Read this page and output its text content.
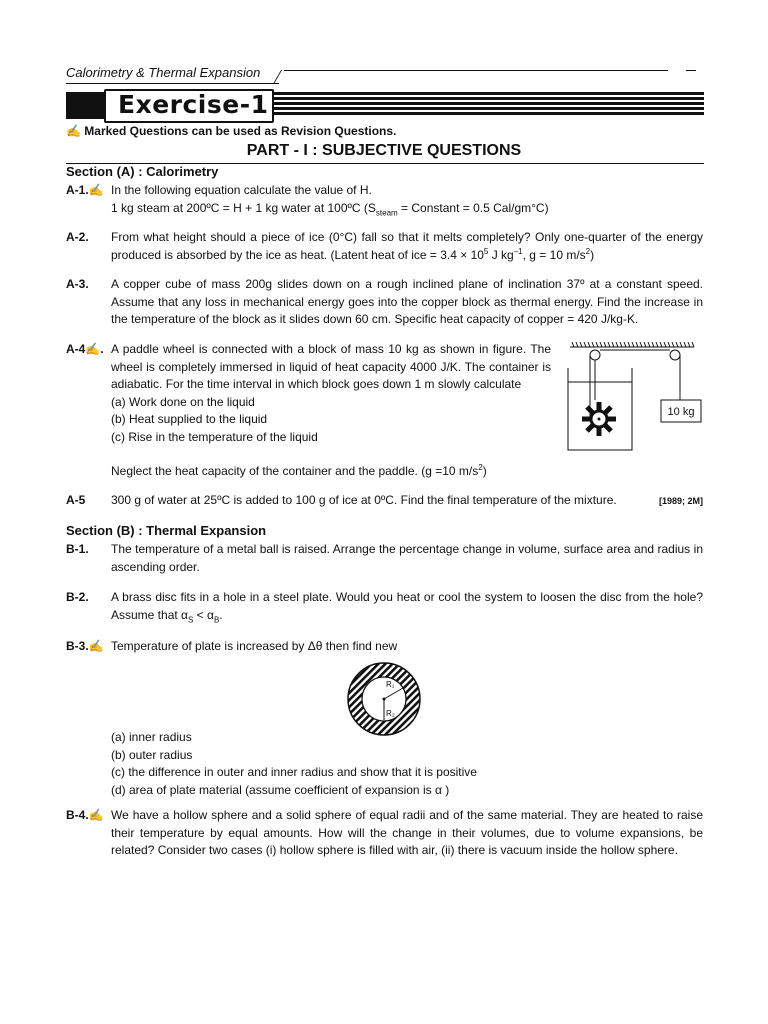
Calorimetry & Thermal Expansion
Exercise-1
✍ Marked Questions can be used as Revision Questions.
PART - I : SUBJECTIVE QUESTIONS
Section (A) : Calorimetry
A-1.✍ In the following equation calculate the value of H.

1 kg steam at 200ºC = H + 1 kg water at 100ºC ($S_{steam}$ = Constant = 0.5 Cal/gm°C)

A-2. From what height should a piece of ice (0°C) fall so that it melts completely? Only one-quarter of the energy produced is absorbed by the ice as heat. (Latent heat of ice = $3.4 \times 10^5$ J $kg^{-1}$, g = 10 $m/s^2$)
A-3. A copper cube of mass 200g slides down on a rough inclined plane of inclination 37º at a constant speed. Assume that any loss in mechanical energy goes into the copper block as thermal energy. Find the increase in the temperature of the block as it slides down 60 cm. Specific heat capacity of copper = 420 J/kg-K.
A-4✍. A paddle wheel is connected with a block of mass 10 kg as shown in figure. The wheel is completely immersed in liquid of heat capacity 4000 J/K. The container is adiabatic. For the time interval in which block goes down 1 m slowly calculate

(a) Work done on the liquid

(b) Heat supplied to the liquid

(c) Rise in the temperature of the liquid

Neglect the heat capacity of the container and the paddle. (g =10 $m/s^2$)
10 kg
A-5 300 g of water at 25ºC is added to 100 g of ice at 0ºC. Find the final temperature of the mixture.	[1989; 2M]
Section (B) : Thermal Expansion
B-1. The temperature of a metal ball is raised. Arrange the percentage change in volume, surface area and radius in ascending order.
B-2. A brass disc fits in a hole in a steel plate. Would you heat or cool the system to loosen the disc from the hole? Assume that $\alpha_S < \alpha_B$.
B-3.✍ Temperature of plate is increased by Δθ then find new
R₁
R₂

(a) inner radius

(b) outer radius

(c) the difference in outer and inner radius and show that it is positive

(d) area of plate material (assume coefficient of expansion is α )

B-4.✍ We have a hollow sphere and a solid sphere of equal radii and of the same material. They are heated to raise their temperature by equal amounts. How will the change in their volumes, due to volume expansions, be related? Consider two cases (i) hollow sphere is filled with air, (ii) there is vacuum inside the hollow sphere.
